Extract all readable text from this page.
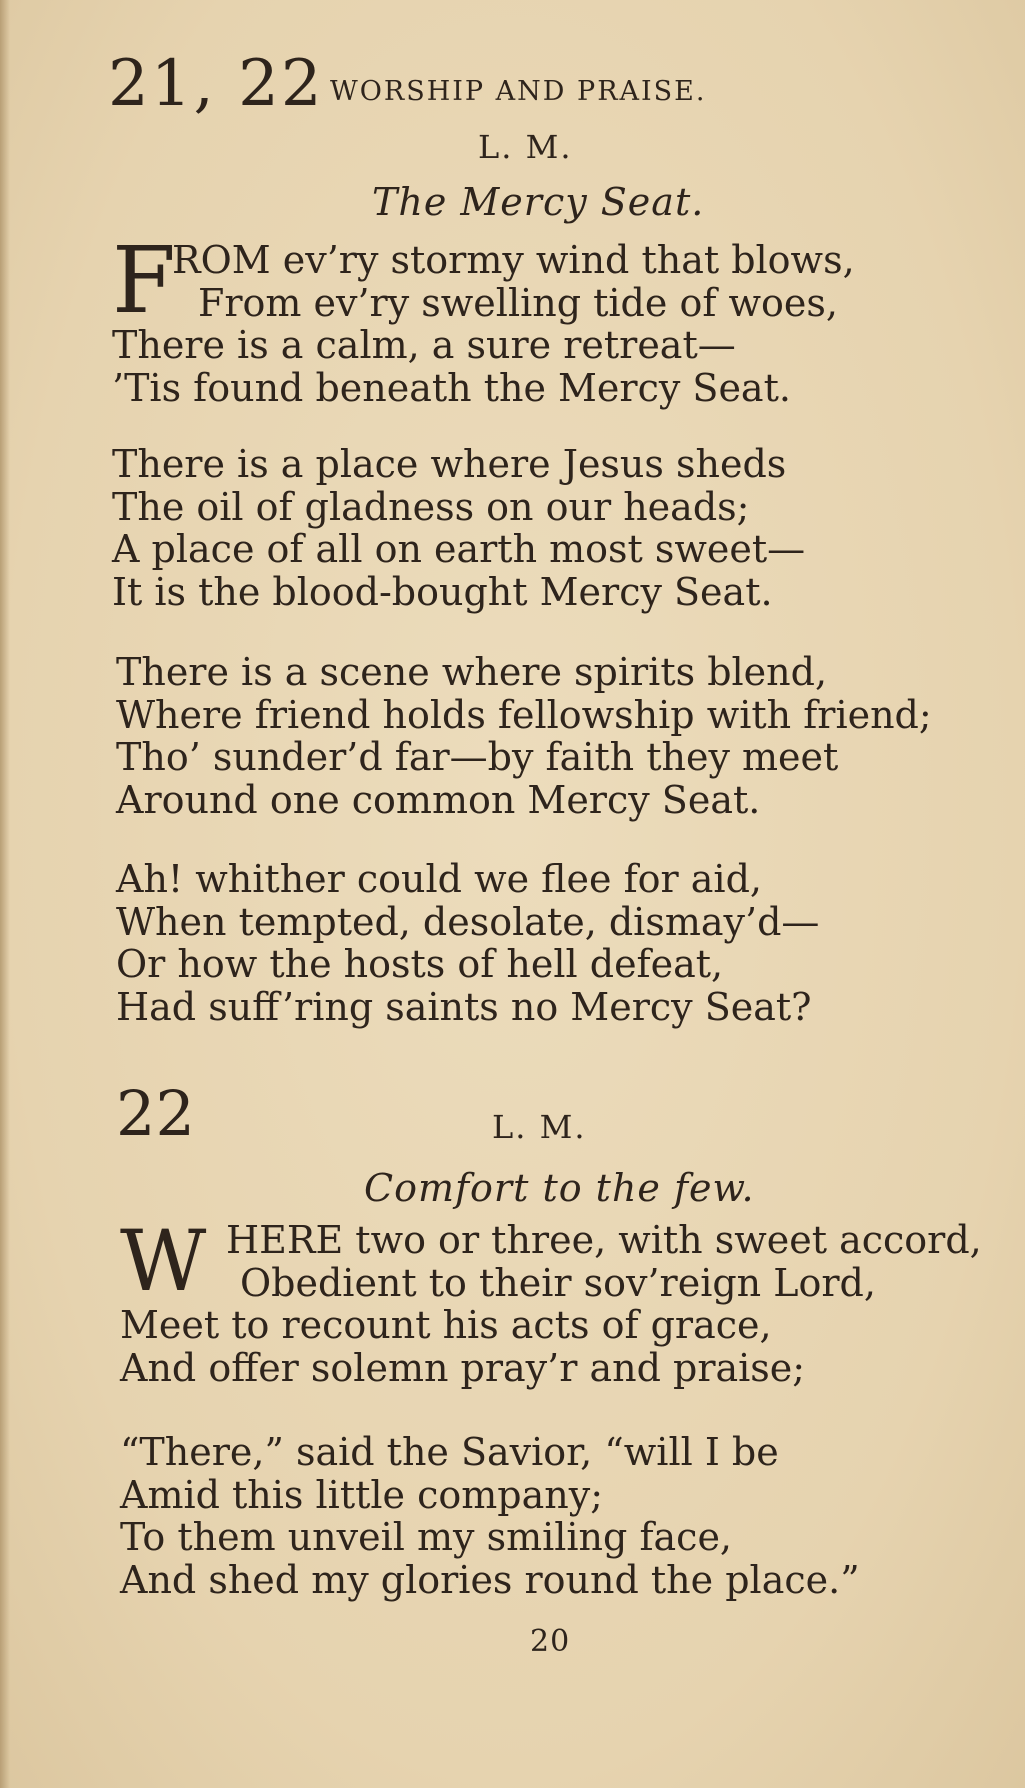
21, 22 WORSHIP AND PRAISE.
L. M.
The Mercy Seat.
F
ROM ev’ry stormy wind that blows,
From ev’ry swelling tide of woes,
There is a calm, a sure retreat—
’Tis found beneath the Mercy Seat.
There is a place where Jesus sheds
The oil of gladness on our heads;
A place of all on earth most sweet—
It is the blood-bought Mercy Seat.
There is a scene where spirits blend,
Where friend holds fellowship with friend;
Tho’ sunder’d far—by faith they meet
Around one common Mercy Seat.
Ah! whither could we flee for aid,
When tempted, desolate, dismay’d—
Or how the hosts of hell defeat,
Had suff’ring saints no Mercy Seat?
22	L. M.
Comfort to the few.
W HERE two or three, with sweet accord,
Obedient to their sov’reign Lord,
Meet to recount his acts of grace,
And offer solemn pray’r and praise;
“There,” said the Savior, “will I be
Amid this little company;
To them unveil my smiling face,
And shed my glories round the place.”
20
